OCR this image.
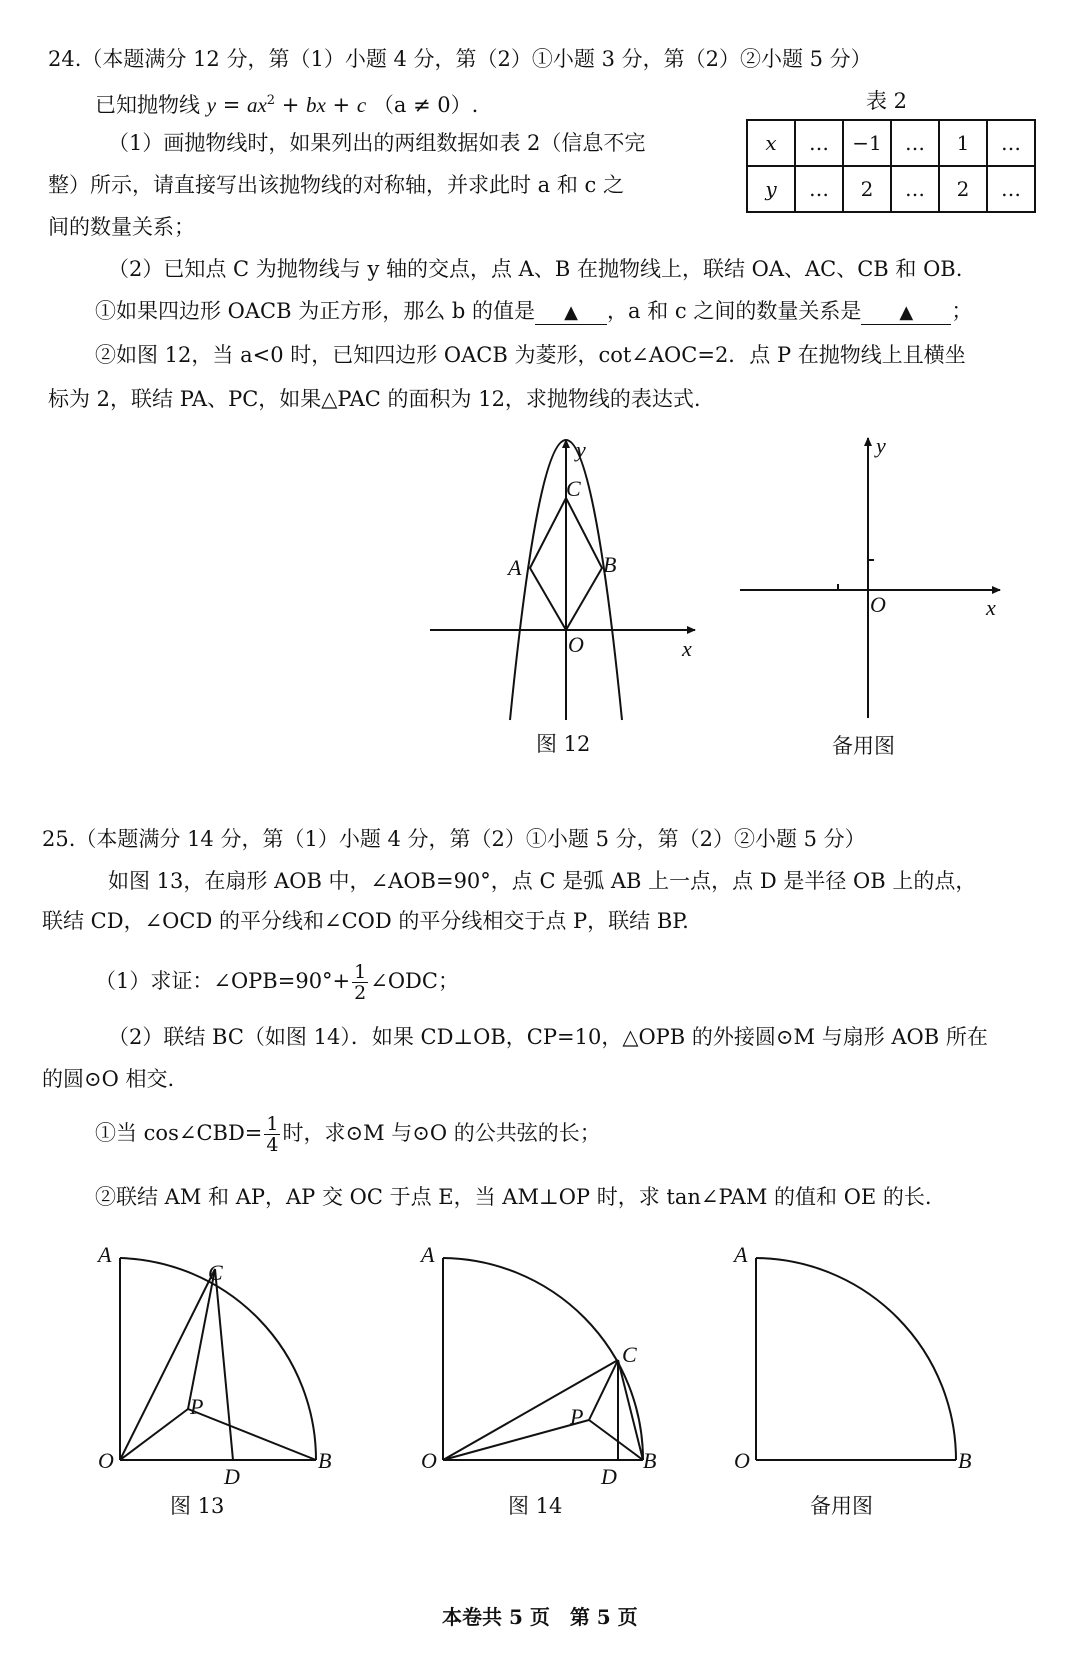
24.（本题满分 12 分，第（1）小题 4 分，第（2）①小题 3 分，第（2）②小题 5 分）
已知抛物线 $y = ax^2$ + bx + c （a ≠ 0）.	表 2
x	…	−1	…	1	…
y	…	2	…	2	…
（1）画抛物线时，如果列出的两组数据如表 2（信息不完
整）所示，请直接写出该抛物线的对称轴，并求此时 a 和 c 之
间的数量关系；
（2）已知点 C 为抛物线与 y 轴的交点，点 A、B 在抛物线上，联结 OA、AC、CB 和 OB.
①如果四边形 OACB 为正方形，那么 b 的值是 ▲ ，a 和 c 之间的数量关系是 ▲ ；
②如图 12，当 a<0 时，已知四边形 OACB 为菱形，cot∠AOC=2．点 P 在抛物线上且横坐
标为 2，联结 PA、PC，如果△PAC 的面积为 12，求抛物线的表达式.
y
C
A	B
O	x
y
O	x
A
C
P
O
D
B
A
C
P
O
D
B
A
O	B
图 12	备用图
25.（本题满分 14 分，第（1）小题 4 分，第（2）①小题 5 分，第（2）②小题 5 分）
如图 13，在扇形 AOB 中，∠AOB=90°，点 C 是弧 AB 上一点，点 D 是半径 OB 上的点，
联结 CD，∠OCD 的平分线和∠COD 的平分线相交于点 P，联结 BP.
（1）求证：∠OPB=90°+ $\frac{1}{2}$ ∠ODC；
（2）联结 BC（如图 14）．如果 CD⊥OB，CP=10，△OPB 的外接圆⊙M 与扇形 AOB 所在
的圆⊙O 相交.
①当 cos∠CBD= $\frac{1}{4}$ 时，求⊙M 与⊙O 的公共弦的长；
②联结 AM 和 AP，AP 交 OC 于点 E，当 AM⊥OP 时，求 tan∠PAM 的值和 OE 的长.
图 13	图 14	备用图
本卷共 5 页　第 5 页
